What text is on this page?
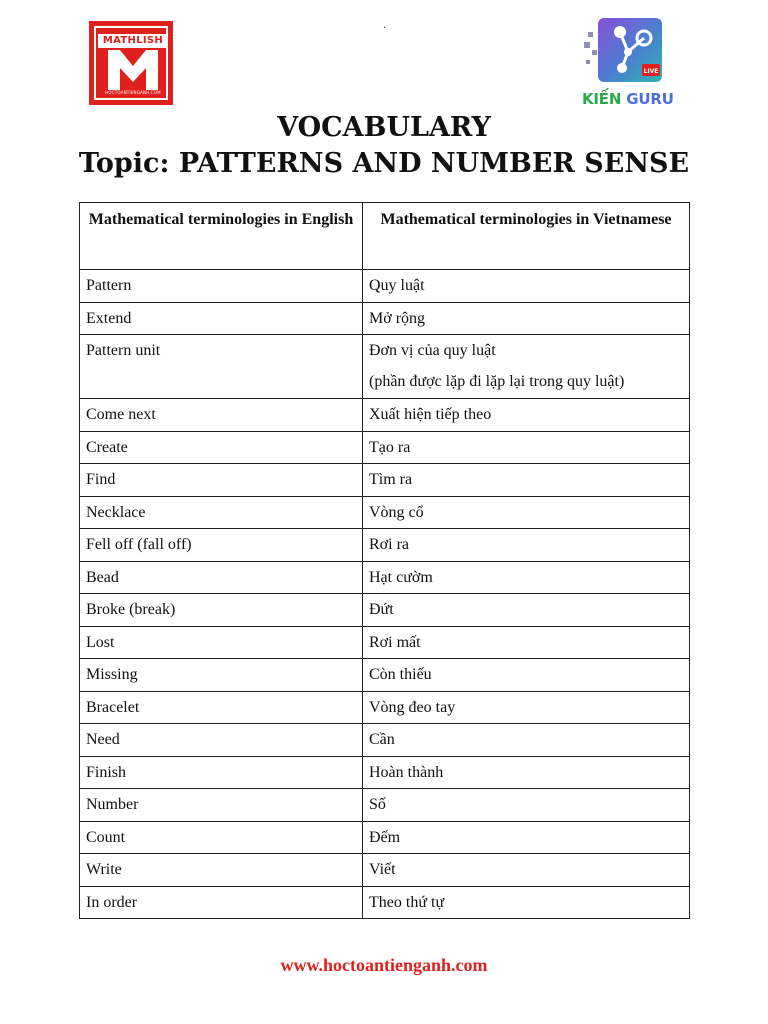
.
MATHLISH
HOCTOANTIENGANH.COM
LIVE
KIẾN GURU
VOCABULARY
Topic: PATTERNS AND NUMBER SENSE
Mathematical terminologies in English	Mathematical terminologies in Vietnamese
Pattern	Quy luật
Extend	Mở rộng
Pattern unit	Đơn vị của quy luật
(phần được lặp đi lặp lại trong quy luật)

Come next	Xuất hiện tiếp theo
Create	Tạo ra
Find	Tìm ra
Necklace	Vòng cổ
Fell off (fall off)	Rơi ra
Bead	Hạt cườm
Broke (break)	Đứt
Lost	Rơi mất
Missing	Còn thiếu
Bracelet	Vòng đeo tay
Need	Cần
Finish	Hoàn thành
Number	Số
Count	Đếm
Write	Viết
In order	Theo thứ tự
www.hoctoantienganh.com
